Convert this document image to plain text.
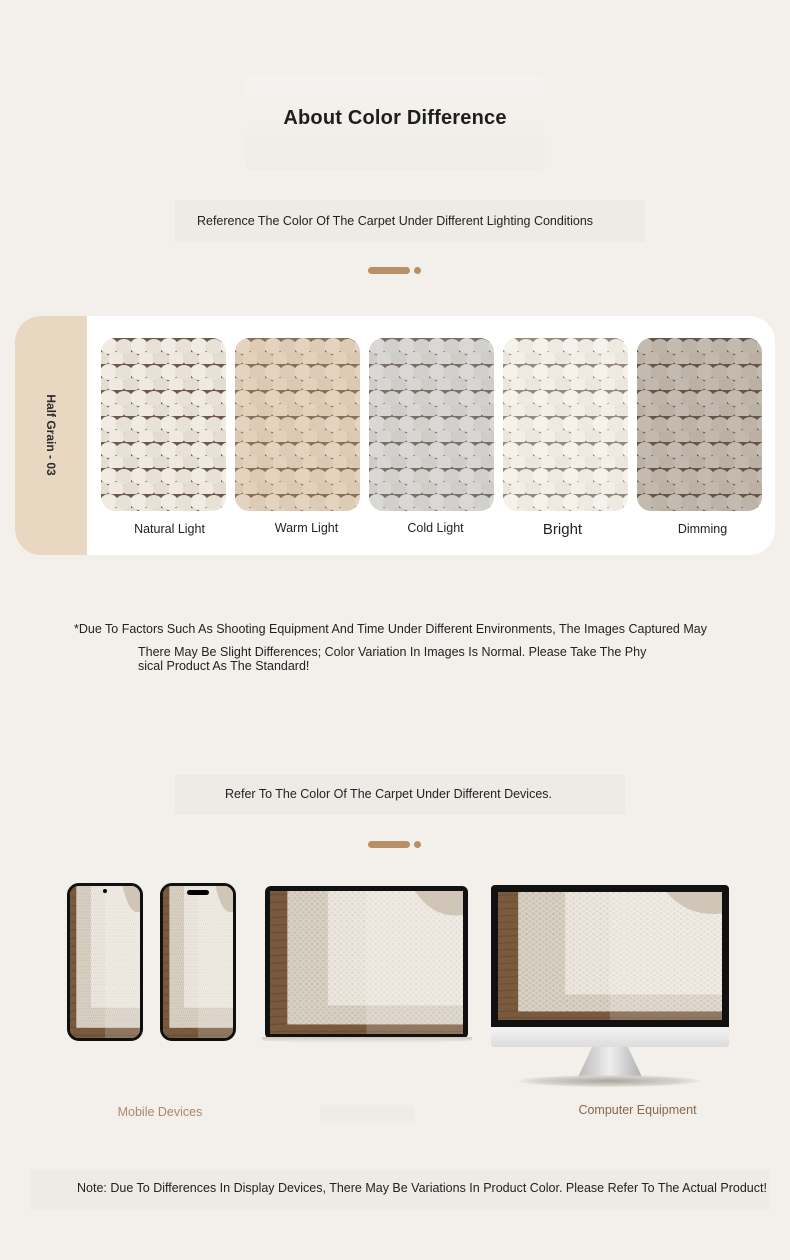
About Color Difference
Reference The Color Of The Carpet Under Different Lighting Conditions
Half Grain - 03
Natural Light	Warm Light	Cold Light	Bright	Dimming
*Due To Factors Such As Shooting Equipment And Time Under Different Environments, The Images Captured May
There May Be Slight Differences; Color Variation In Images Is Normal. Please Take The Phy
sical Product As The Standard!
Refer To The Color Of The Carpet Under Different Devices.
Mobile Devices	Computer Equipment
Note: Due To Differences In Display Devices, There May Be Variations In Product Color. Please Refer To The Actual Product!
